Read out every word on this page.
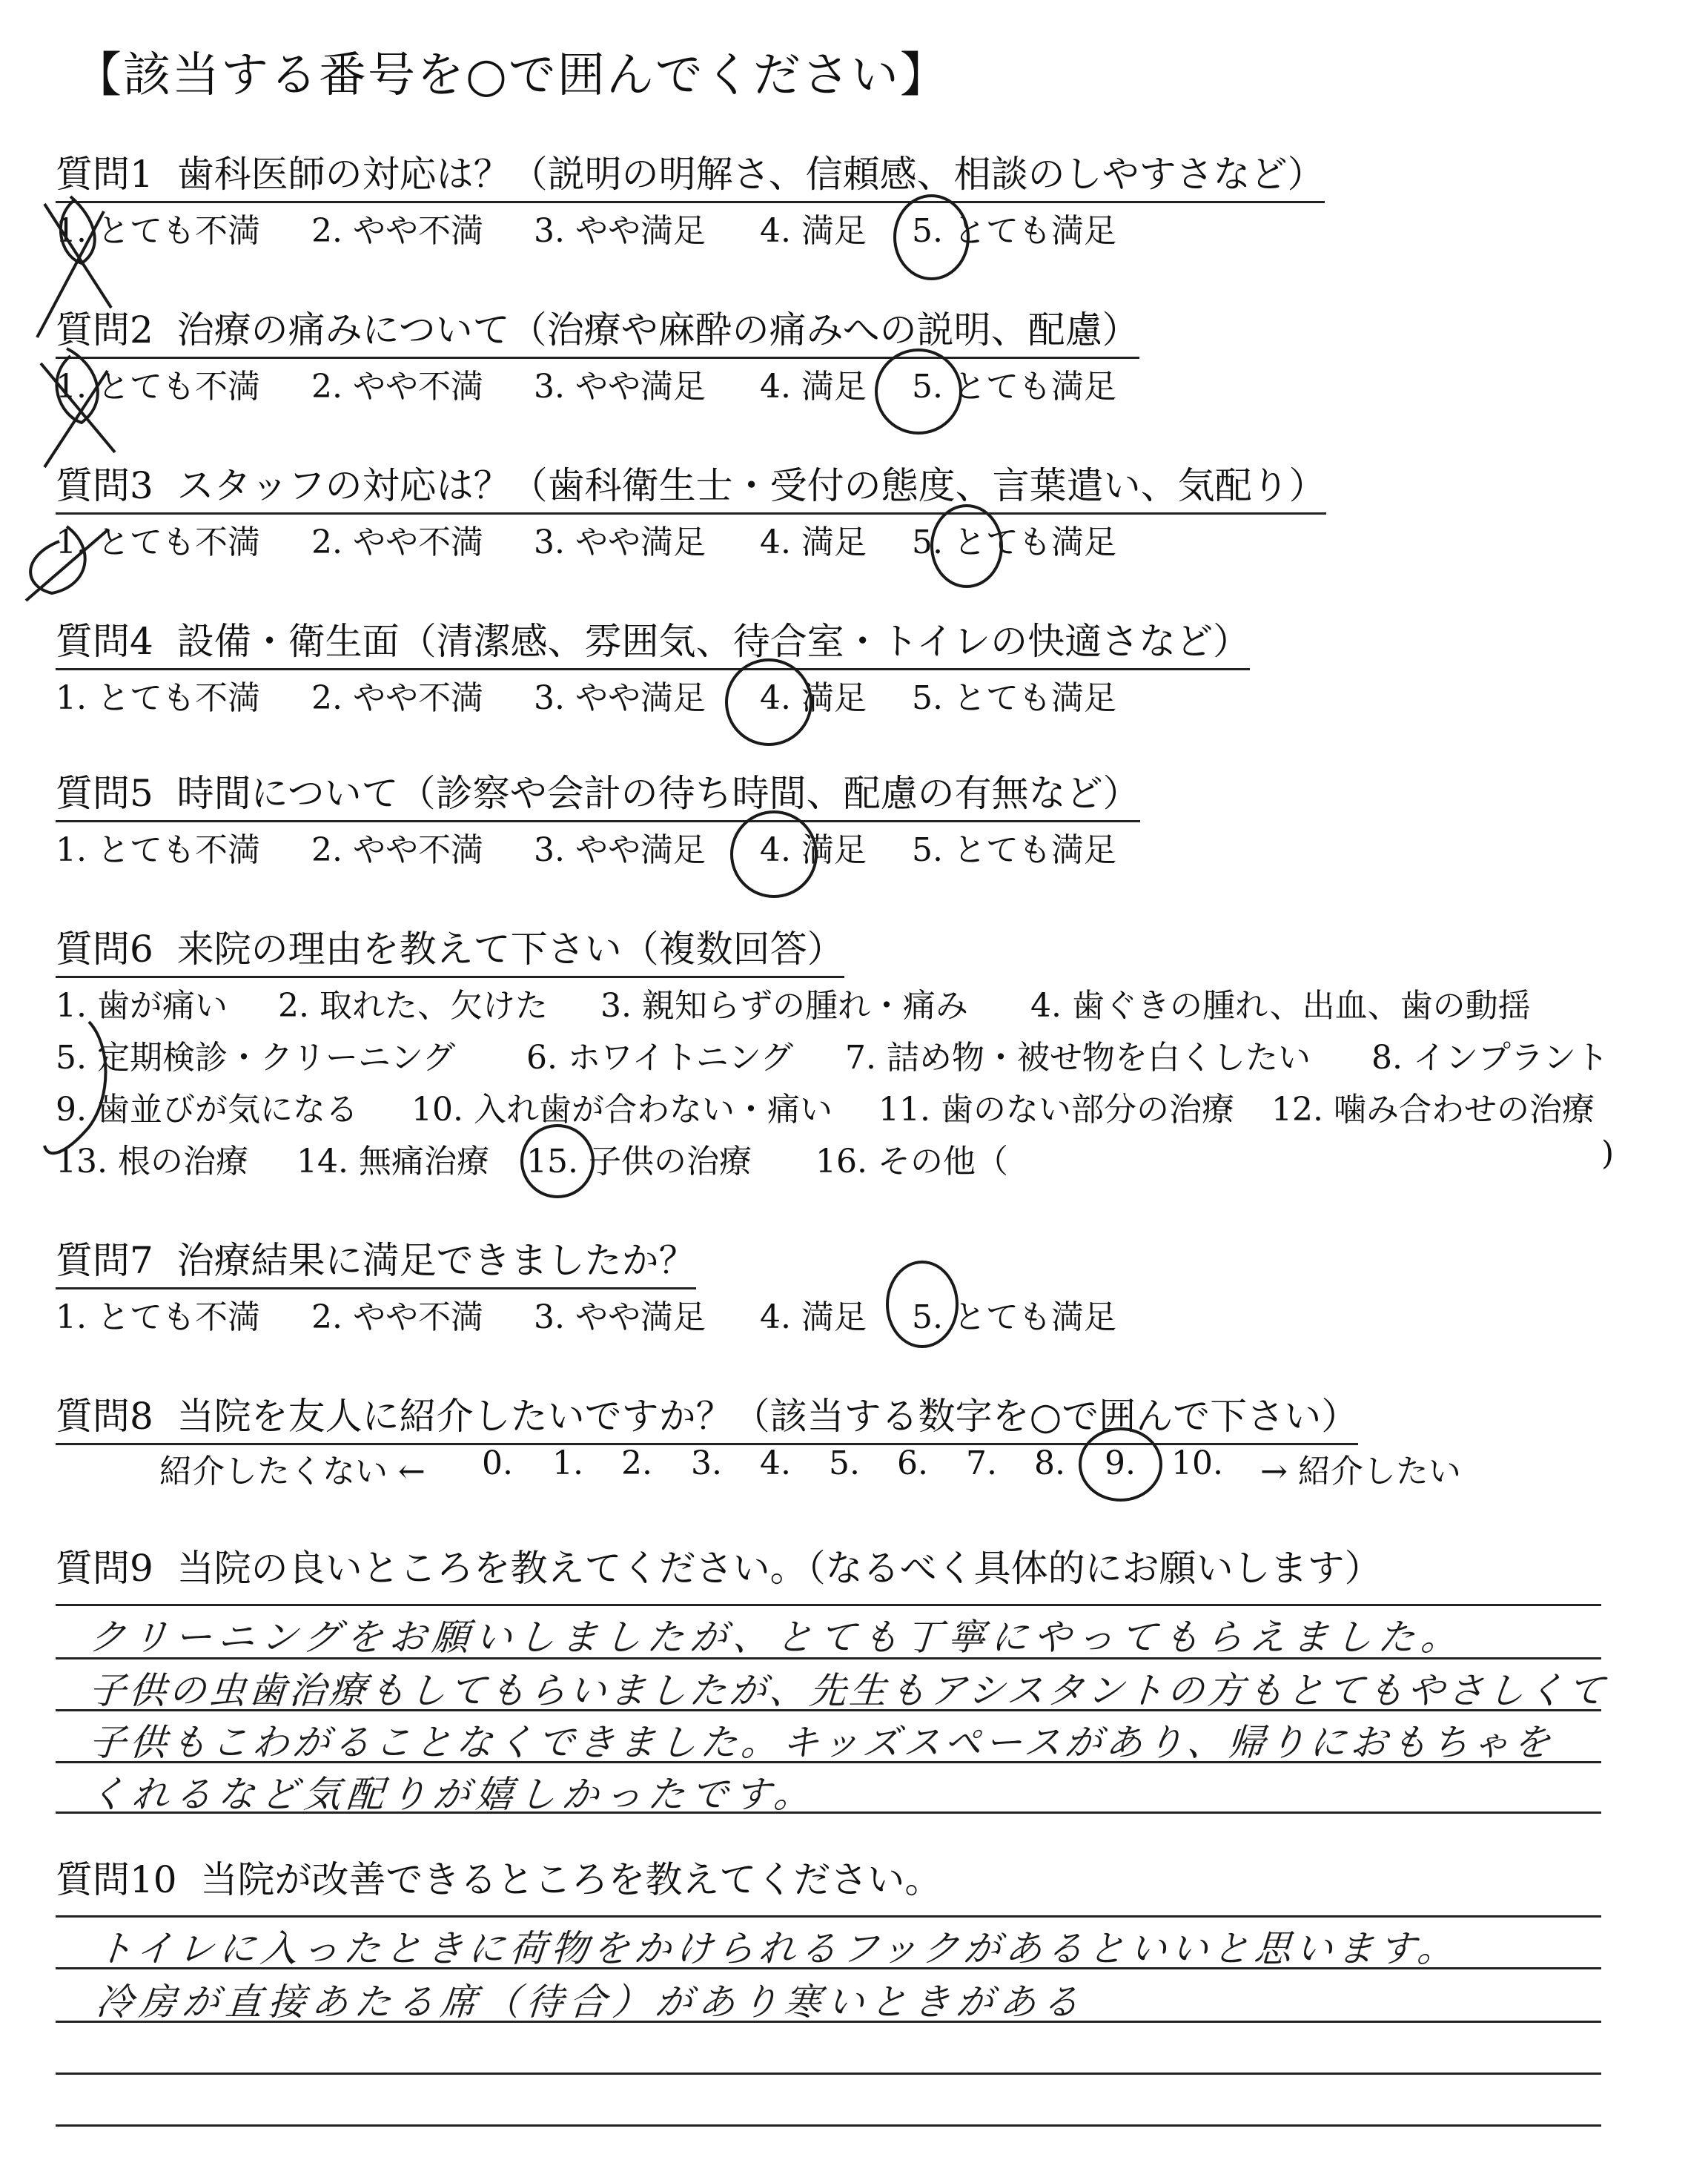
【該当する番号を○で囲んでください】
質問1 歯科医師の対応は？（説明の明解さ、信頼感、相談のしやすさなど）
1. とても不満 2. やや不満 3. やや満足 4. 満足 5. とても満足
質問2 治療の痛みについて（治療や麻酔の痛みへの説明、配慮）
1. とても不満 2. やや不満 3. やや満足 4. 満足 5. とても満足
質問3 スタッフの対応は？（歯科衛生士・受付の態度、言葉遣い、気配り）
1. とても不満 2. やや不満 3. やや満足 4. 満足 5. とても満足
質問4 設備・衛生面（清潔感、雰囲気、待合室・トイレの快適さなど）
1. とても不満 2. やや不満 3. やや満足 4. 満足 5. とても満足
質問5 時間について（診察や会計の待ち時間、配慮の有無など）
1. とても不満 2. やや不満 3. やや満足 4. 満足 5. とても満足
質問6 来院の理由を教えて下さい（複数回答）
1. 歯が痛い 2. 取れた、欠けた 3. 親知らずの腫れ・痛み 4. 歯ぐきの腫れ、出血、歯の動揺
5. 定期検診・クリーニング 6. ホワイトニング 7. 詰め物・被せ物を白くしたい 8. インプラント
9. 歯並びが気になる 10. 入れ歯が合わない・痛い 11. 歯のない部分の治療 12. 噛み合わせの治療
13. 根の治療 14. 無痛治療 15. 子供の治療 16. その他（	)
質問7 治療結果に満足できましたか？
1. とても不満 2. やや不満 3. やや満足 4. 満足 5. とても満足
質問8 当院を友人に紹介したいですか？（該当する数字を○で囲んで下さい）
紹介したくない ← 0. 1. 2. 3. 4. 5. 6. 7. 8. 9. 10. → 紹介したい
質問9 当院の良いところを教えてください。（なるべく具体的にお願いします）
クリーニングをお願いしましたが、とても丁寧にやってもらえました。
子供の虫歯治療もしてもらいましたが、先生もアシスタントの方もとてもやさしくて
子供もこわがることなくできました。キッズスペースがあり、帰りにおもちゃを
くれるなど気配りが嬉しかったです。
質問10 当院が改善できるところを教えてください。
トイレに入ったときに荷物をかけられるフックがあるといいと思います。
冷房が直接あたる席（待合）があり寒いときがある
